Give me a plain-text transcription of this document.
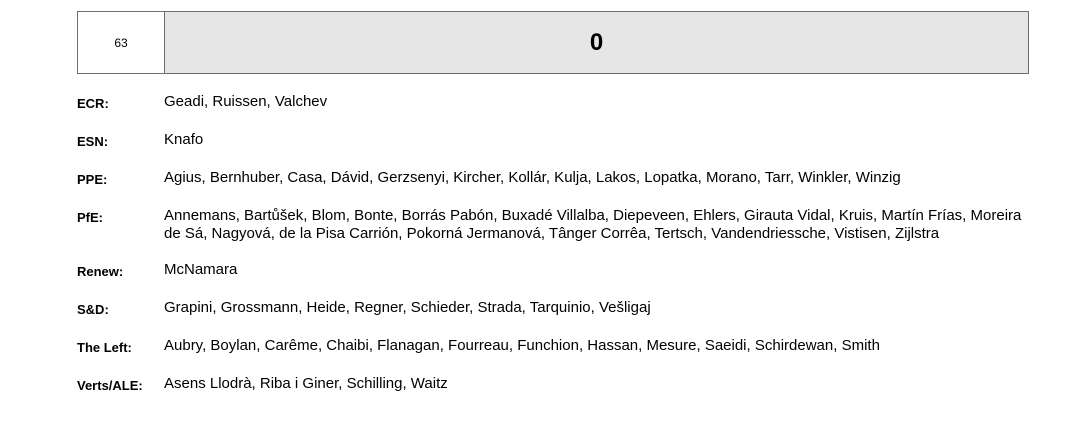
63	0
ECR:	Geadi, Ruissen, Valchev
ESN:	Knafo
PPE:	Agius, Bernhuber, Casa, Dávid, Gerzsenyi, Kircher, Kollár, Kulja, Lakos, Lopatka, Morano, Tarr, Winkler, Winzig
PfE:	Annemans, Bartůšek, Blom, Bonte, Borrás Pabón, Buxadé Villalba, Diepeveen, Ehlers, Girauta Vidal, Kruis, Martín Frías, Moreira de Sá, Nagyová, de la Pisa Carrión, Pokorná Jermanová, Tânger Corrêa, Tertsch, Vandendriessche, Vistisen, Zijlstra
Renew:	McNamara
S&D:	Grapini, Grossmann, Heide, Regner, Schieder, Strada, Tarquinio, Vešligaj
The Left:	Aubry, Boylan, Carême, Chaibi, Flanagan, Fourreau, Funchion, Hassan, Mesure, Saeidi, Schirdewan, Smith
Verts/ALE:	Asens Llodrà, Riba i Giner, Schilling, Waitz
